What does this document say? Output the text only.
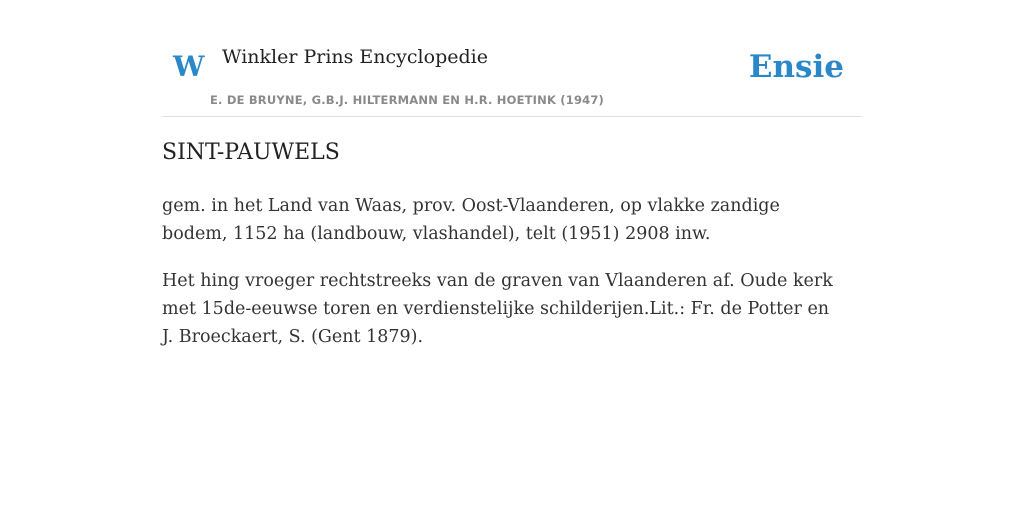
W Winkler Prins Encyclopedie
E. DE BRUYNE, G.B.J. HILTERMANN EN H.R. HOETINK (1947)
Ensie
SINT-PAUWELS

gem. in het Land van Waas, prov. Oost-Vlaanderen, op vlakke zandige bodem, 1152 ha (landbouw, vlashandel), telt (1951) 2908 inw.

Het hing vroeger rechtstreeks van de graven van Vlaanderen af. Oude kerk met 15de-eeuwse toren en verdienstelijke schilderijen.Lit.: Fr. de Potter en J. Broeckaert, S. (Gent 1879).
